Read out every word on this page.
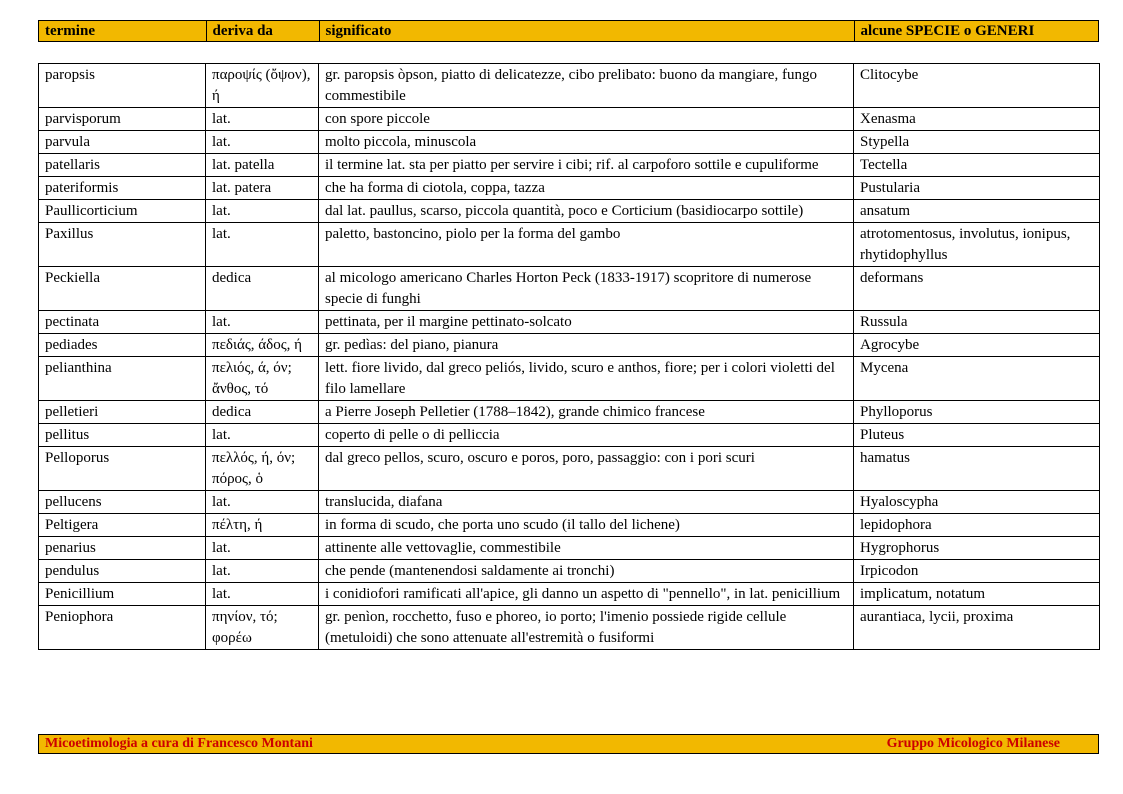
termine	deriva da	significato	alcune SPECIE o GENERI
paropsis	παροψίς (ὄψον), ή	gr. paropsis òpson, piatto di delicatezze, cibo prelibato: buono da mangiare, fungo commestibile	Clitocybe
parvisporum	lat.	con spore piccole	Xenasma
parvula	lat.	molto piccola, minuscola	Stypella
patellaris	lat. patella	il termine lat. sta per piatto per servire i cibi; rif. al carpoforo sottile e cupuliforme	Tectella
pateriformis	lat. patera	che ha forma di ciotola, coppa, tazza	Pustularia
Paullicorticium	lat.	dal lat. paullus, scarso, piccola quantità, poco e Corticium (basidiocarpo sottile)	ansatum
Paxillus	lat.	paletto, bastoncino, piolo per la forma del gambo	atrotomentosus, involutus, ionipus, rhytidophyllus
Peckiella	dedica	al micologo americano Charles Horton Peck (1833-1917) scopritore di numerose specie di funghi	deformans
pectinata	lat.	pettinata, per il margine pettinato-solcato	Russula
pediades	πεδιάς, άδος, ή	gr. pedìas: del piano, pianura	Agrocybe
pelianthina	πελιός, ά, όν; ἄνθος, τό	lett. fiore livido, dal greco peliós, livido, scuro e anthos, fiore; per i colori violetti del filo lamellare	Mycena
pelletieri	dedica	a Pierre Joseph Pelletier (1788–1842), grande chimico francese	Phylloporus
pellitus	lat.	coperto di pelle o di pelliccia	Pluteus
Pelloporus	πελλός, ή, όν; πόρος, ὁ	dal greco pellos, scuro, oscuro e poros, poro, passaggio: con i pori scuri	hamatus
pellucens	lat.	translucida, diafana	Hyaloscypha
Peltigera	πέλτη, ή	in forma di scudo, che porta uno scudo (il tallo del lichene)	lepidophora
penarius	lat.	attinente alle vettovaglie, commestibile	Hygrophorus
pendulus	lat.	che pende (mantenendosi saldamente ai tronchi)	Irpicodon
Penicillium	lat.	i conidiofori ramificati all'apice, gli danno un aspetto di "pennello", in lat. penicillium	implicatum, notatum
Peniophora	πηνίον, τό; φορέω	gr. penìon, rocchetto, fuso e phoreo, io porto; l'imenio possiede rigide cellule (metuloidi) che sono attenuate all'estremità o fusiformi	aurantiaca, lycii, proxima
Micoetimologia a cura di Francesco Montani	Gruppo Micologico Milanese
